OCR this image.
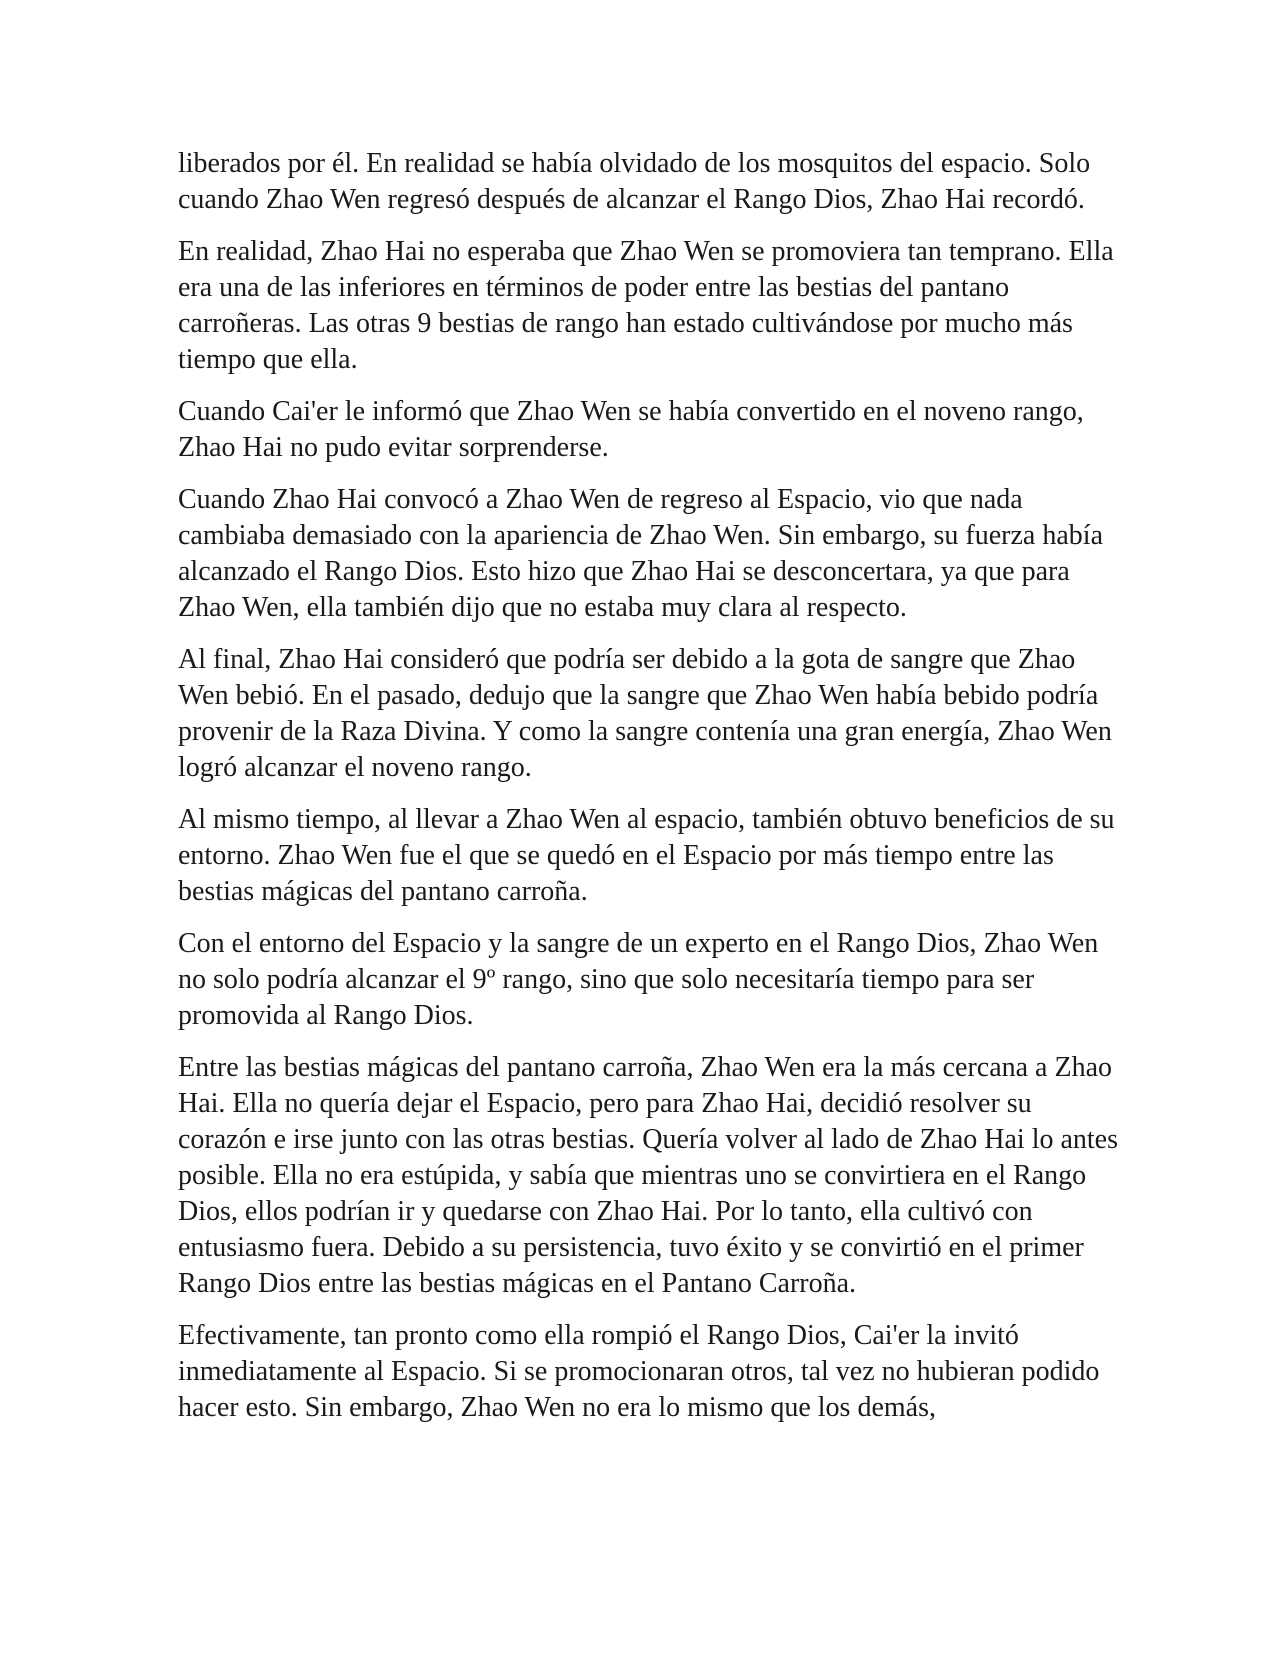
liberados por él. En realidad se había olvidado de los mosquitos del espacio. Solo cuando Zhao Wen regresó después de alcanzar el Rango Dios, Zhao Hai recordó.

En realidad, Zhao Hai no esperaba que Zhao Wen se promoviera tan temprano. Ella era una de las inferiores en términos de poder entre las bestias del pantano carroñeras. Las otras 9 bestias de rango han estado cultivándose por mucho más tiempo que ella.

Cuando Cai'er le informó que Zhao Wen se había convertido en el noveno rango, Zhao Hai no pudo evitar sorprenderse.

Cuando Zhao Hai convocó a Zhao Wen de regreso al Espacio, vio que nada cambiaba demasiado con la apariencia de Zhao Wen. Sin embargo, su fuerza había alcanzado el Rango Dios. Esto hizo que Zhao Hai se desconcertara, ya que para Zhao Wen, ella también dijo que no estaba muy clara al respecto.

Al final, Zhao Hai consideró que podría ser debido a la gota de sangre que Zhao Wen bebió. En el pasado, dedujo que la sangre que Zhao Wen había bebido podría provenir de la Raza Divina. Y como la sangre contenía una gran energía, Zhao Wen logró alcanzar el noveno rango.

Al mismo tiempo, al llevar a Zhao Wen al espacio, también obtuvo beneficios de su entorno. Zhao Wen fue el que se quedó en el Espacio por más tiempo entre las bestias mágicas del pantano carroña.

Con el entorno del Espacio y la sangre de un experto en el Rango Dios, Zhao Wen no solo podría alcanzar el 9º rango, sino que solo necesitaría tiempo para ser promovida al Rango Dios.

Entre las bestias mágicas del pantano carroña, Zhao Wen era la más cercana a Zhao Hai. Ella no quería dejar el Espacio, pero para Zhao Hai, decidió resolver su corazón e irse junto con las otras bestias. Quería volver al lado de Zhao Hai lo antes posible. Ella no era estúpida, y sabía que mientras uno se convirtiera en el Rango Dios, ellos podrían ir y quedarse con Zhao Hai. Por lo tanto, ella cultivó con entusiasmo fuera. Debido a su persistencia, tuvo éxito y se convirtió en el primer Rango Dios entre las bestias mágicas en el Pantano Carroña.

Efectivamente, tan pronto como ella rompió el Rango Dios, Cai'er la invitó inmediatamente al Espacio. Si se promocionaran otros, tal vez no hubieran podido hacer esto. Sin embargo, Zhao Wen no era lo mismo que los demás,
